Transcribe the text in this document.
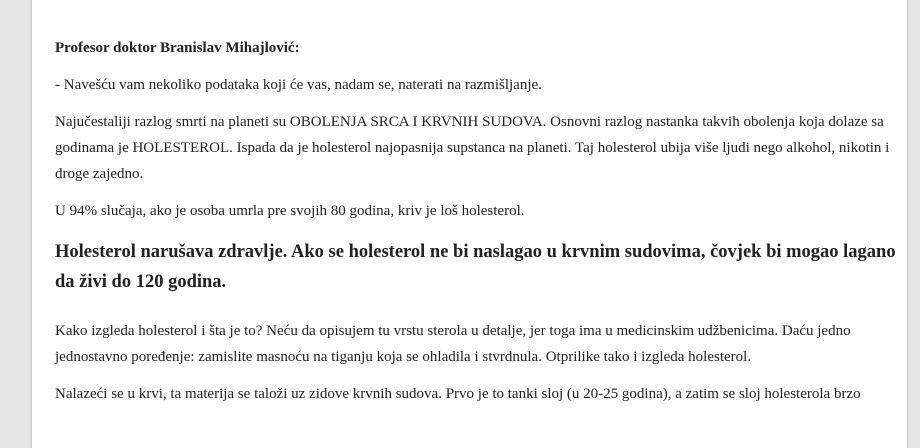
Profesor doktor Branislav Mihajlović:

- Navešću vam nekoliko podataka koji će vas, nadam se, naterati na razmišljanje.

Najučestaliji razlog smrti na planeti su OBOLENJA SRCA I KRVNIH SUDOVA. Osnovni razlog nastanka takvih obolenja koja dolaze sa godinama je HOLESTEROL. Ispada da je holesterol najopasnija supstanca na planeti. Taj holesterol ubija više ljudi nego alkohol, nikotin i droge zajedno.

U 94% slučaja, ako je osoba umrla pre svojih 80 godina, kriv je loš holesterol.

Holesterol narušava zdravlje. Ako se holesterol ne bi naslagao u krvnim sudovima, čovjek bi mogao lagano da živi do 120 godina.

Kako izgleda holesterol i šta je to? Neću da opisujem tu vrstu sterola u detalje, jer toga ima u medicinskim udžbenicima. Daću jedno jednostavno poređenje: zamislite masnoću na tiganju koja se ohladila i stvrdnula. Otprilike tako i izgleda holesterol.

Nalazeći se u krvi, ta materija se taloži uz zidove krvnih sudova. Prvo je to tanki sloj (u 20-25 godina), a zatim se sloj holesterola brzo
